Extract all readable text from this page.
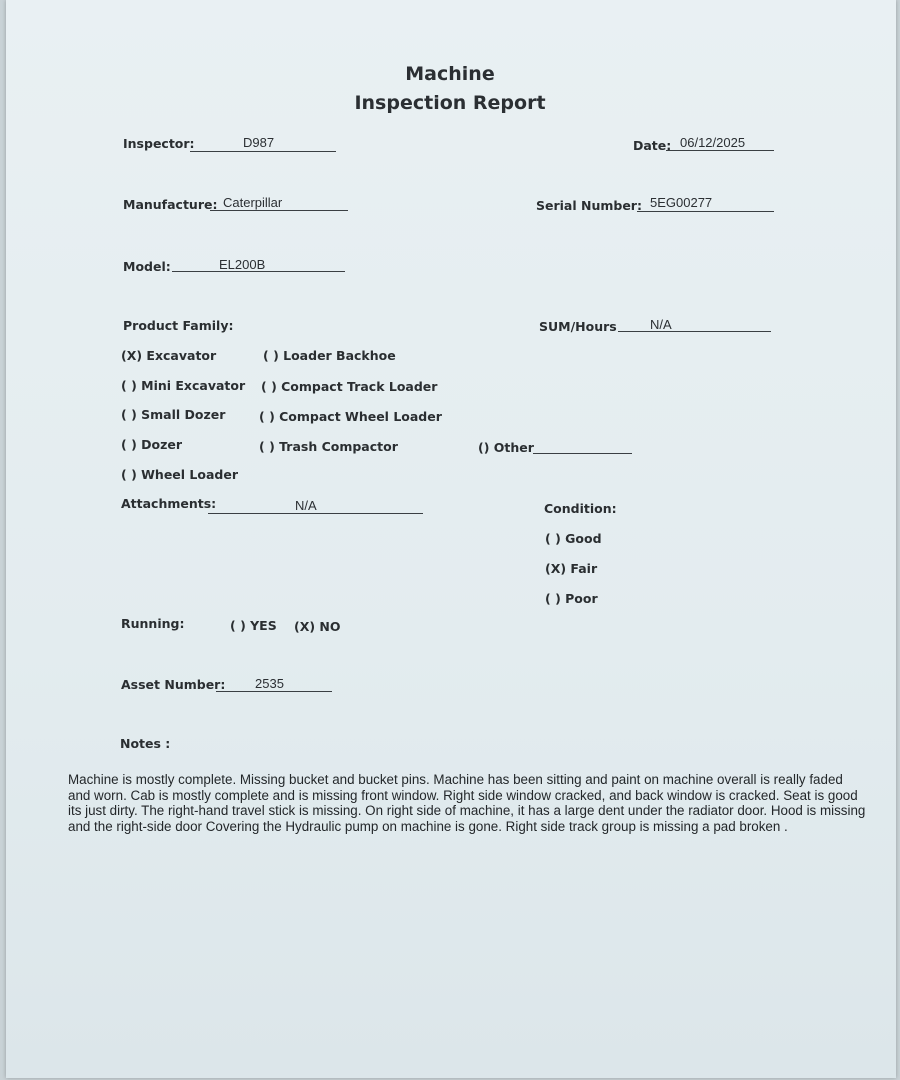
Machine
Inspection Report
Inspector:	D987	Date: 06/12/2025
Manufacture: Caterpillar	Serial Number: 5EG00277
Model:	EL200B
Product Family:
(X) Excavator
( ) Mini Excavator
( ) Small Dozer
( ) Dozer
( ) Wheel Loader
( ) Loader Backhoe
( ) Compact Track Loader
( ) Compact Wheel Loader
( ) Trash Compactor	() Other
SUM/Hours	N/A
Attachments:	N/A	Condition:
( ) Good
(X) Fair
( ) Poor
Running:	( ) YES (X) NO
Asset Number: 2535
Notes :
Machine is mostly complete. Missing bucket and bucket pins. Machine has been sitting and paint on machine overall is really faded and worn. Cab is mostly complete and is missing front window. Right side window cracked, and back window is cracked. Seat is good its just dirty. The right-hand travel stick is missing. On right side of machine, it has a large dent under the radiator door. Hood is missing and the right-side door Covering the Hydraulic pump on machine is gone. Right side track group is missing a pad broken .
